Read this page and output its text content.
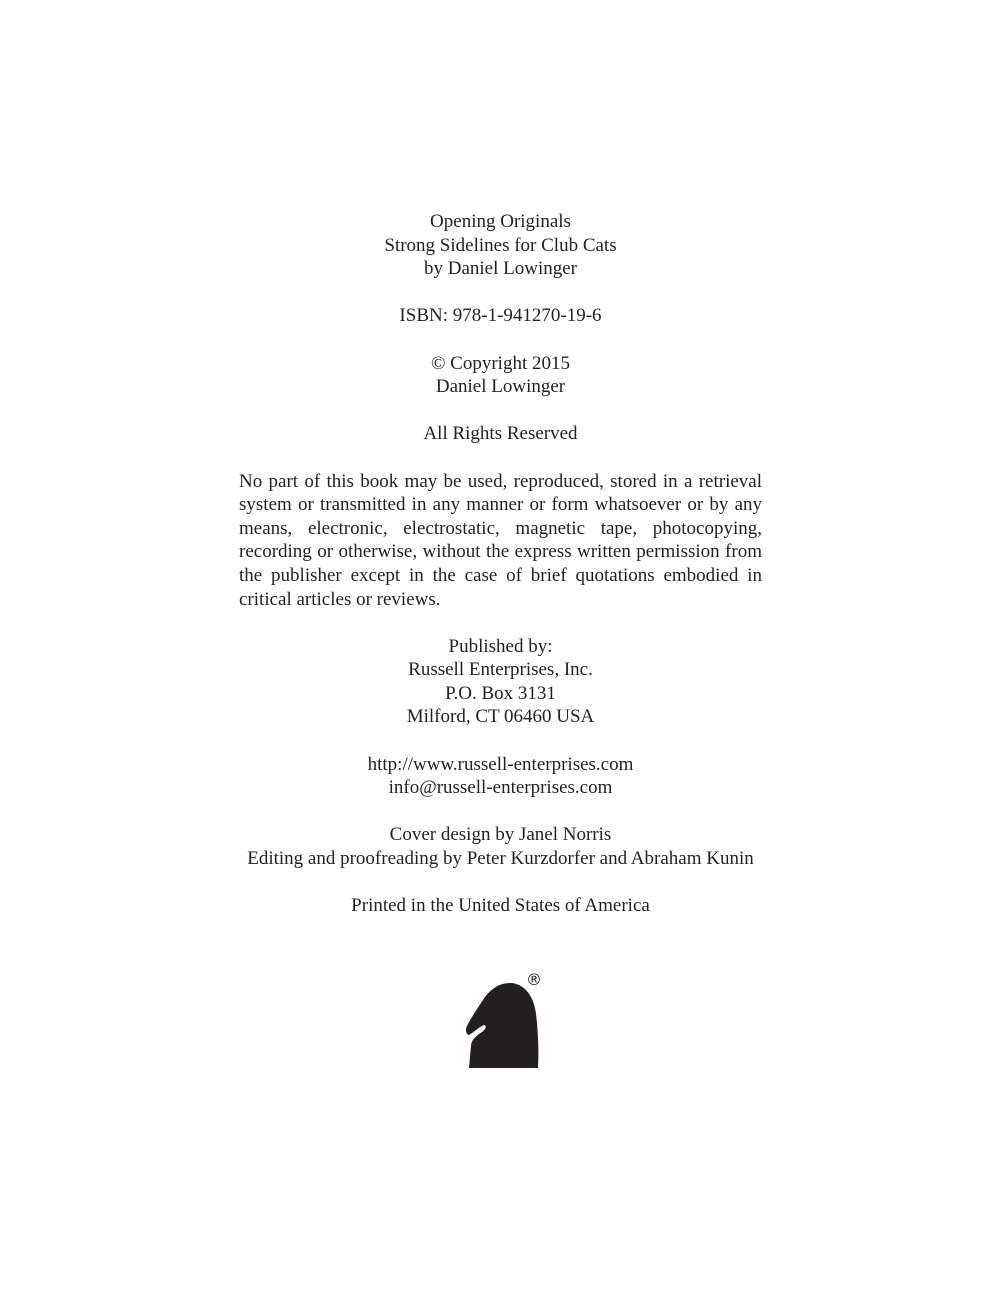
Opening Originals
Strong Sidelines for Club Cats
by Daniel Lowinger
ISBN: 978-1-941270-19-6
© Copyright 2015
Daniel Lowinger
All Rights Reserved

No part of this book may be used, reproduced, stored in a retrieval system or transmitted in any manner or form whatsoever or by any means, electronic, electrostatic, magnetic tape, photocopying, recording or otherwise, without the express written permission from the publisher except in the case of brief quotations embodied in critical articles or reviews.

Published by:
Russell Enterprises, Inc.
P.O. Box 3131
Milford, CT 06460 USA
http://www.russell-enterprises.com
info@russell-enterprises.com
Cover design by Janel Norris
Editing and proofreading by Peter Kurzdorfer and Abraham Kunin
Printed in the United States of America
®
